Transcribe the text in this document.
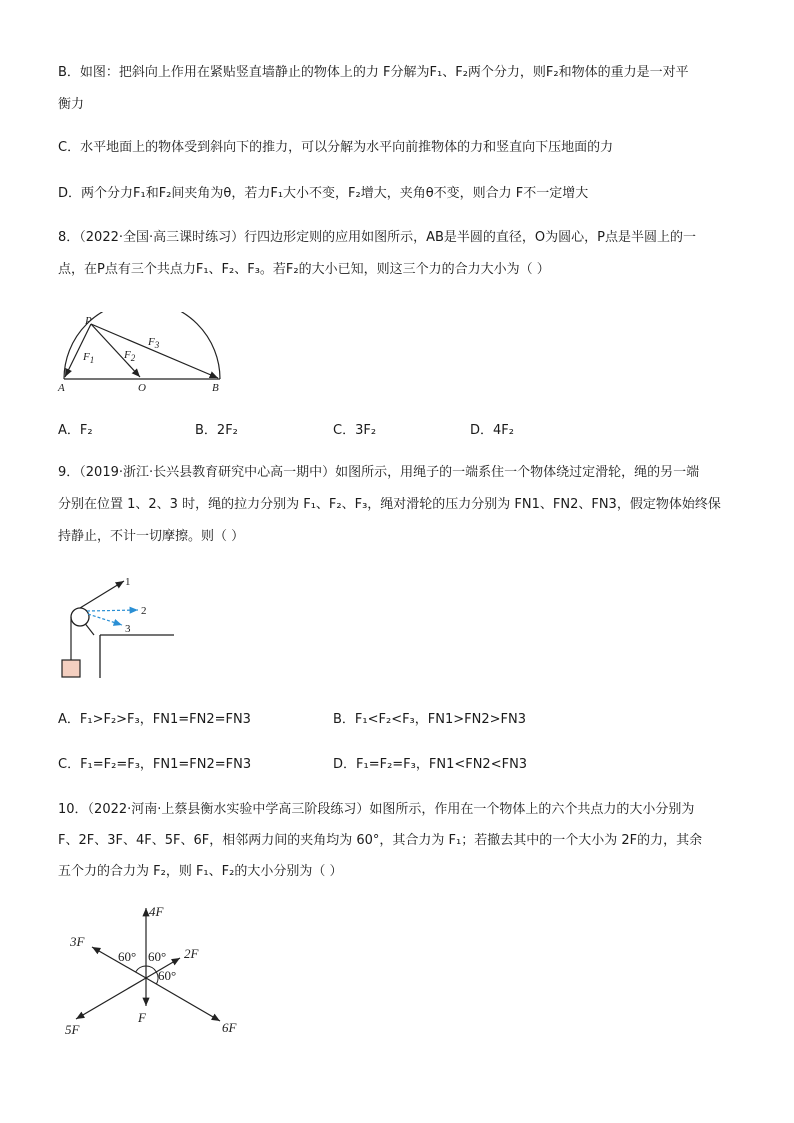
B．如图：把斜向上作用在紧贴竖直墙静止的物体上的力 F分解为F₁、F₂两个分力，则F₂和物体的重力是一对平
衡力
C．水平地面上的物体受到斜向下的推力，可以分解为水平向前推物体的力和竖直向下压地面的力
D．两个分力F₁和F₂间夹角为θ，若力F₁大小不变，F₂增大，夹角θ不变，则合力 F不一定增大
8．（2022·全国·高三课时练习）行四边形定则的应用如图所示，AB是半圆的直径，O为圆心，P点是半圆上的一
点，在P点有三个共点力F₁、F₂、F₃。若F₂的大小已知，则这三个力的合力大小为（ ）
P
A	O	B
$F_1$	$F_2$
$F_3$
A．F₂	B．2F₂	C．3F₂	D．4F₂
9．（2019·浙江·长兴县教育研究中心高一期中）如图所示，用绳子的一端系住一个物体绕过定滑轮，绳的另一端
分别在位置 1、2、3 时，绳的拉力分别为 F₁、F₂、F₃，绳对滑轮的压力分别为 FN1、FN2、FN3，假定物体始终保
持静止，不计一切摩擦。则（ ）
1
2
3
A．F₁>F₂>F₃，FN1=FN2=FN3	B．F₁<F₂<F₃，FN1>FN2>FN3
C．F₁=F₂=F₃，FN1=FN2=FN3	D．F₁=F₂=F₃，FN1<FN2<FN3
10．（2022·河南·上蔡县衡水实验中学高三阶段练习）如图所示，作用在一个物体上的六个共点力的大小分别为
F、2F、3F、4F、5F、6F，相邻两力间的夹角均为 60°，其合力为 F₁；若撤去其中的一个大小为 2F的力，其余
五个力的合力为 F₂，则 F₁、F₂的大小分别为（ ）
4F
3F
2F
5F
F
6F
60° 60°
60°
